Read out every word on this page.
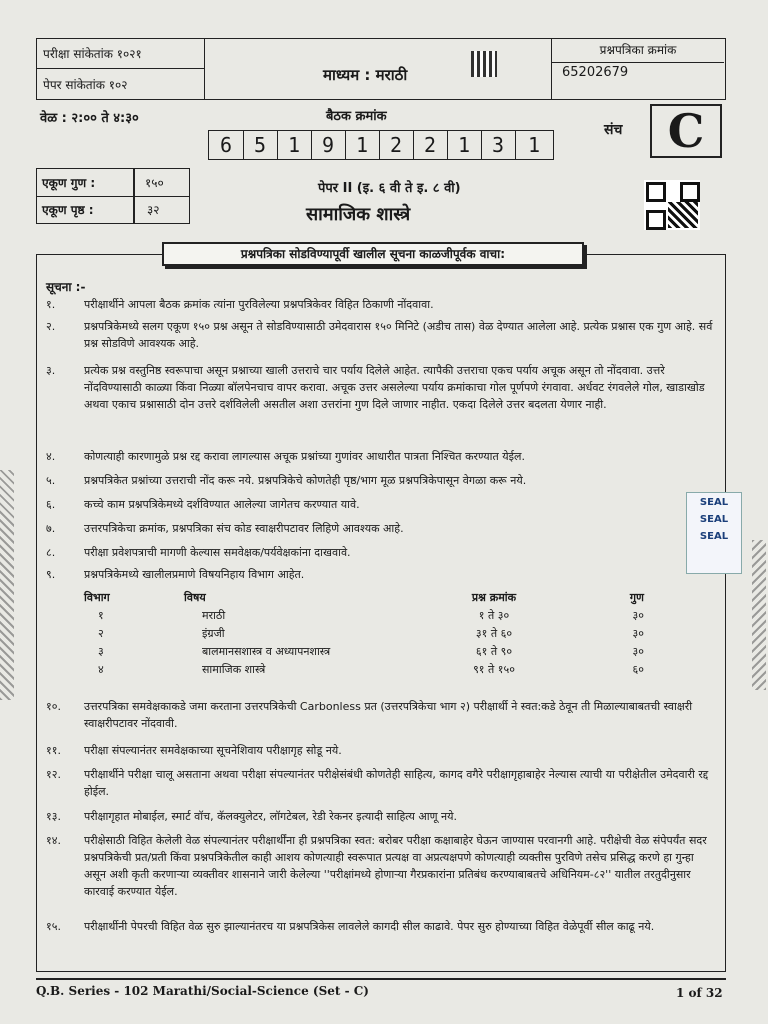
परीक्षा सांकेतांक १०२१
पेपर सांकेतांक १०२
माध्यम : मराठी
प्रश्नपत्रिका क्रमांक
65202679
वेळ : २:०० ते ४:३०	बैठक क्रमांक
6	5	1	9	1	2	2	1	3	1
संच C
एकूण गुण :	१५०
एकूण पृष्ठ :	३२
पेपर II (इ. ६ वी ते इ. ८ वी)
सामाजिक शास्त्रे
प्रश्नपत्रिका सोडविण्यापूर्वी खालील सूचना काळजीपूर्वक वाचा:
सूचना :-
१.	परीक्षार्थीने आपला बैठक क्रमांक त्यांना पुरविलेल्या प्रश्नपत्रिकेवर विहित ठिकाणी नोंदवावा.
२.	प्रश्नपत्रिकेमध्ये सलग एकूण १५० प्रश्न असून ते सोडविण्यासाठी उमेदवारास १५० मिनिटे (अडीच तास) वेळ देण्यात आलेला आहे. प्रत्येक प्रश्नास एक गुण आहे. सर्व प्रश्न सोडविणे आवश्यक आहे.
३.	प्रत्येक प्रश्न वस्तुनिष्ठ स्वरूपाचा असून प्रश्नाच्या खाली उत्तराचे चार पर्याय दिलेले आहेत. त्यापैकी उत्तराचा एकच पर्याय अचूक असून तो नोंदवावा. उत्तरे नोंदविण्यासाठी काळ्या किंवा निळ्या बॉलपेनचाच वापर करावा. अचूक उत्तर असलेल्या पर्याय क्रमांकाचा गोल पूर्णपणे रंगवावा. अर्धवट रंगवलेले गोल, खाडाखोड अथवा एकाच प्रश्नासाठी दोन उत्तरे दर्शविलेली असतील अशा उत्तरांना गुण दिले जाणार नाहीत. एकदा दिलेले उत्तर बदलता येणार नाही.
४.	कोणत्याही कारणामुळे प्रश्न रद्द करावा लागल्यास अचूक प्रश्नांच्या गुणांवर आधारीत पात्रता निश्चित करण्यात येईल.
५.	प्रश्नपत्रिकेत प्रश्नांच्या उत्तराची नोंद करू नये. प्रश्नपत्रिकेचे कोणतेही पृष्ठ/भाग मूळ प्रश्नपत्रिकेपासून वेगळा करू नये.
६.	कच्चे काम प्रश्नपत्रिकेमध्ये दर्शविण्यात आलेल्या जागेतच करण्यात यावे.
७.	उत्तरपत्रिकेचा क्रमांक, प्रश्नपत्रिका संच कोड स्वाक्षरीपटावर लिहिणे आवश्यक आहे.
८.	परीक्षा प्रवेशपत्राची मागणी केल्यास समवेक्षक/पर्यवेक्षकांना दाखवावे.
९.	प्रश्नपत्रिकेमध्ये खालीलप्रमाणे विषयनिहाय विभाग आहेत.
विभाग	विषय	प्रश्न क्रमांक	गुण
१	मराठी	१ ते ३०	३०
२	इंग्रजी	३१ ते ६०	३०
३	बालमानसशास्त्र व अध्यापनशास्त्र	६१ ते ९०	३०
४	सामाजिक शास्त्रे	९१ ते १५०	६०
१०.	उत्तरपत्रिका समवेक्षकाकडे जमा करताना उत्तरपत्रिकेची Carbonless प्रत (उत्तरपत्रिकेचा भाग २) परीक्षार्थी ने स्वत:कडे ठेवून ती मिळाल्याबाबतची स्वाक्षरी स्वाक्षरीपटावर नोंदवावी.
११.	परीक्षा संपल्यानंतर समवेक्षकाच्या सूचनेशिवाय परीक्षागृह सोडू नये.
१२.	परीक्षार्थीने परीक्षा चालू असताना अथवा परीक्षा संपल्यानंतर परीक्षेसंबंधी कोणतेही साहित्य, कागद वगैरे परीक्षागृहाबाहेर नेल्यास त्याची या परीक्षेतील उमेदवारी रद्द होईल.
१३.	परीक्षागृहात मोबाईल, स्मार्ट वॉच, कॅलक्युलेटर, लॉगटेबल, रेडी रेकनर इत्यादी साहित्य आणू नये.
१४.	परीक्षेसाठी विहित केलेली वेळ संपल्यानंतर परीक्षार्थींना ही प्रश्नपत्रिका स्वत: बरोबर परीक्षा कक्षाबाहेर घेऊन जाण्यास परवानगी आहे. परीक्षेची वेळ संपेपर्यंत सदर प्रश्नपत्रिकेची प्रत/प्रती किंवा प्रश्नपत्रिकेतील काही आशय कोणत्याही स्वरूपात प्रत्यक्ष वा अप्रत्यक्षपणे कोणत्याही व्यक्तीस पुरविणे तसेच प्रसिद्ध करणे हा गुन्हा असून अशी कृती करणाऱ्या व्यक्तीवर शासनाने जारी केलेल्या ''परीक्षांमध्ये होणाऱ्या गैरप्रकारांना प्रतिबंध करण्याबाबतचे अधिनियम-८२'' यातील तरतुदीनुसार कारवाई करण्यात येईल.
१५.	परीक्षार्थीनी पेपरची विहित वेळ सुरु झाल्यानंतरच या प्रश्नपत्रिकेस लावलेले कागदी सील काढावे. पेपर सुरु होण्याच्या विहित वेळेपूर्वी सील काढू नये.
SEAL
SEAL
SEAL
Q.B. Series - 102 Marathi/Social-Science (Set - C)	1 of 32
